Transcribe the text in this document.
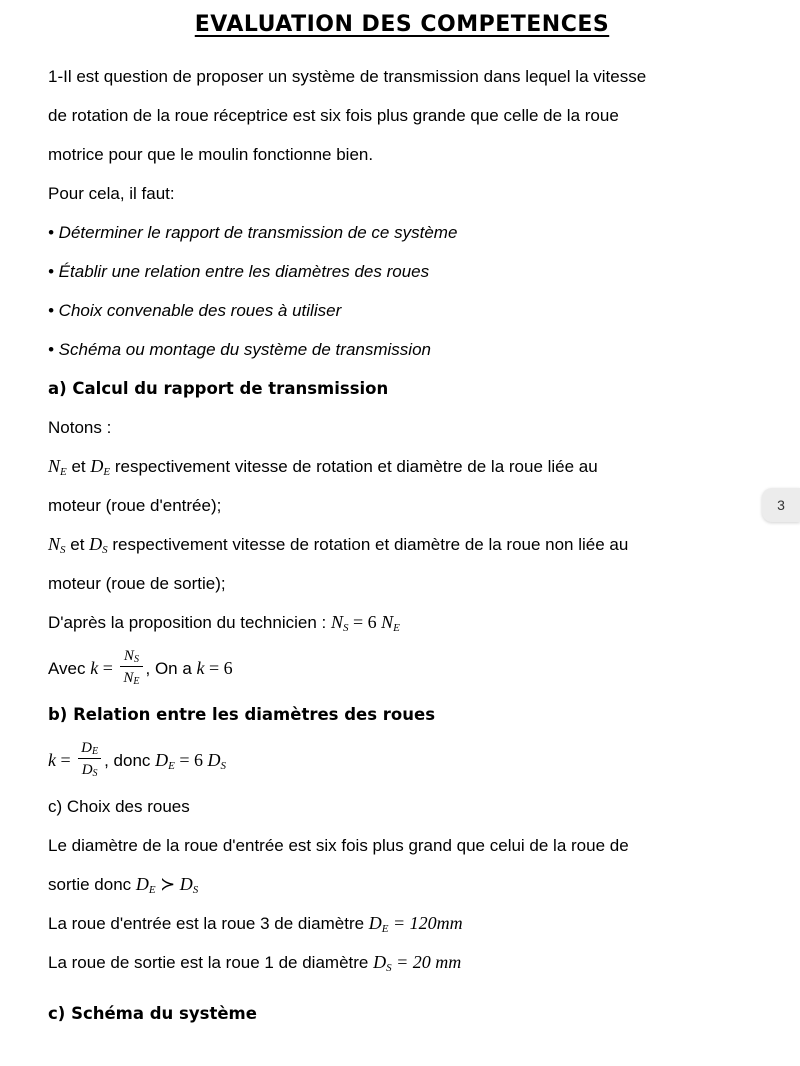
EVALUATION DES COMPETENCES
1-Il est question de proposer un système de transmission dans lequel la vitesse
de rotation de la roue réceptrice est six fois plus grande que celle de la roue
motrice pour que le moulin fonctionne bien.
Pour cela, il faut:
• Déterminer le rapport de transmission de ce système
• Établir une relation entre les diamètres des roues
• Choix convenable des roues à utiliser
• Schéma ou montage du système de transmission
a) Calcul du rapport de transmission
Notons :
$N_E$ et $D_E$ respectivement vitesse de rotation et diamètre de la roue liée au
moteur (roue d'entrée);
$N_S$ et $D_S$ respectivement vitesse de rotation et diamètre de la roue non liée au
moteur (roue de sortie);
D'après la proposition du technicien : $N_S = 6$ $N_E$
Avec $k = \frac{N_S}{N_E}$ , On a k = 6
b) Relation entre les diamètres des roues
$k = \frac{D_E}{D_S}$ , donc $D_E = 6$ $D_S$
c) Choix des roues
Le diamètre de la roue d'entrée est six fois plus grand que celui de la roue de
sortie donc $D_E$ ≻ $D_S$
La roue d'entrée est la roue 3 de diamètre $D_E = 120mm$
La roue de sortie est la roue 1 de diamètre $D_S = 20$ mm
c) Schéma du système
3
